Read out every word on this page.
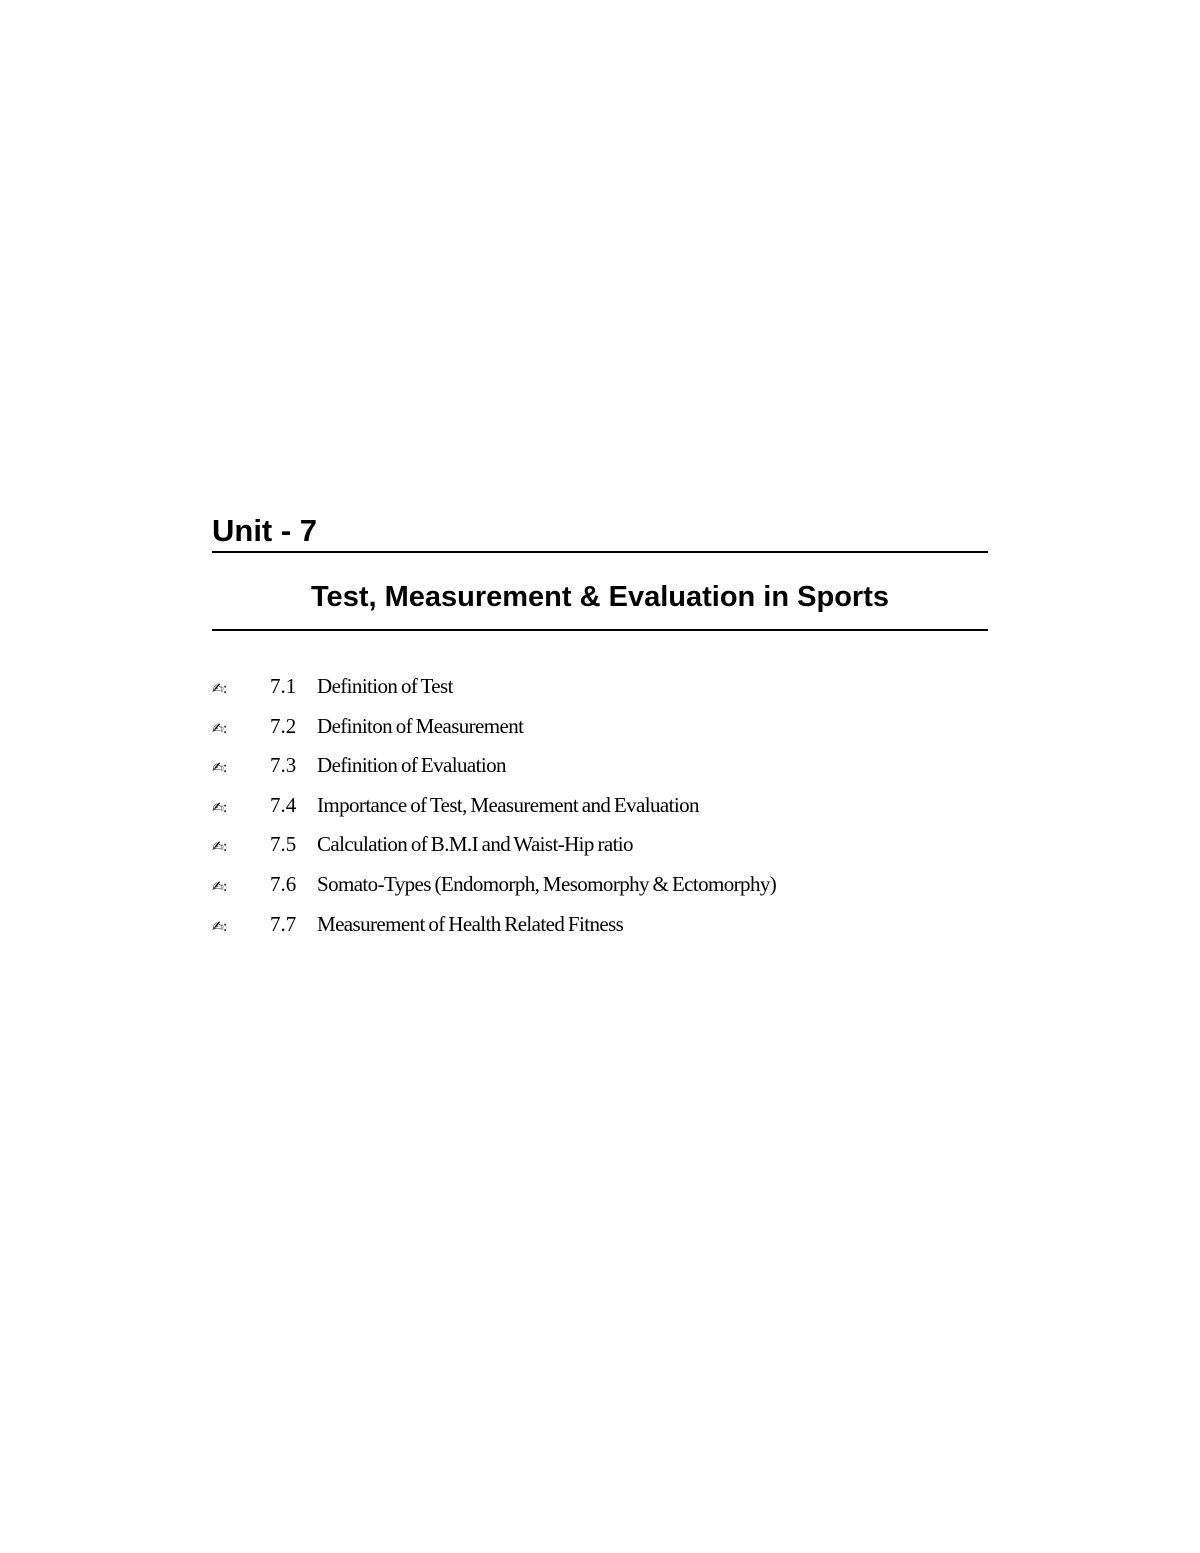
Unit - 7
Test, Measurement & Evaluation in Sports
✍:	7.1 Definition of Test
✍:	7.2 Definiton of Measurement
✍:	7.3 Definition of Evaluation
✍:	7.4 Importance of Test, Measurement and Evaluation
✍:	7.5 Calculation of B.M.I and Waist-Hip ratio
✍:	7.6 Somato-Types (Endomorph, Mesomorphy & Ectomorphy)
✍:	7.7 Measurement of Health Related Fitness
